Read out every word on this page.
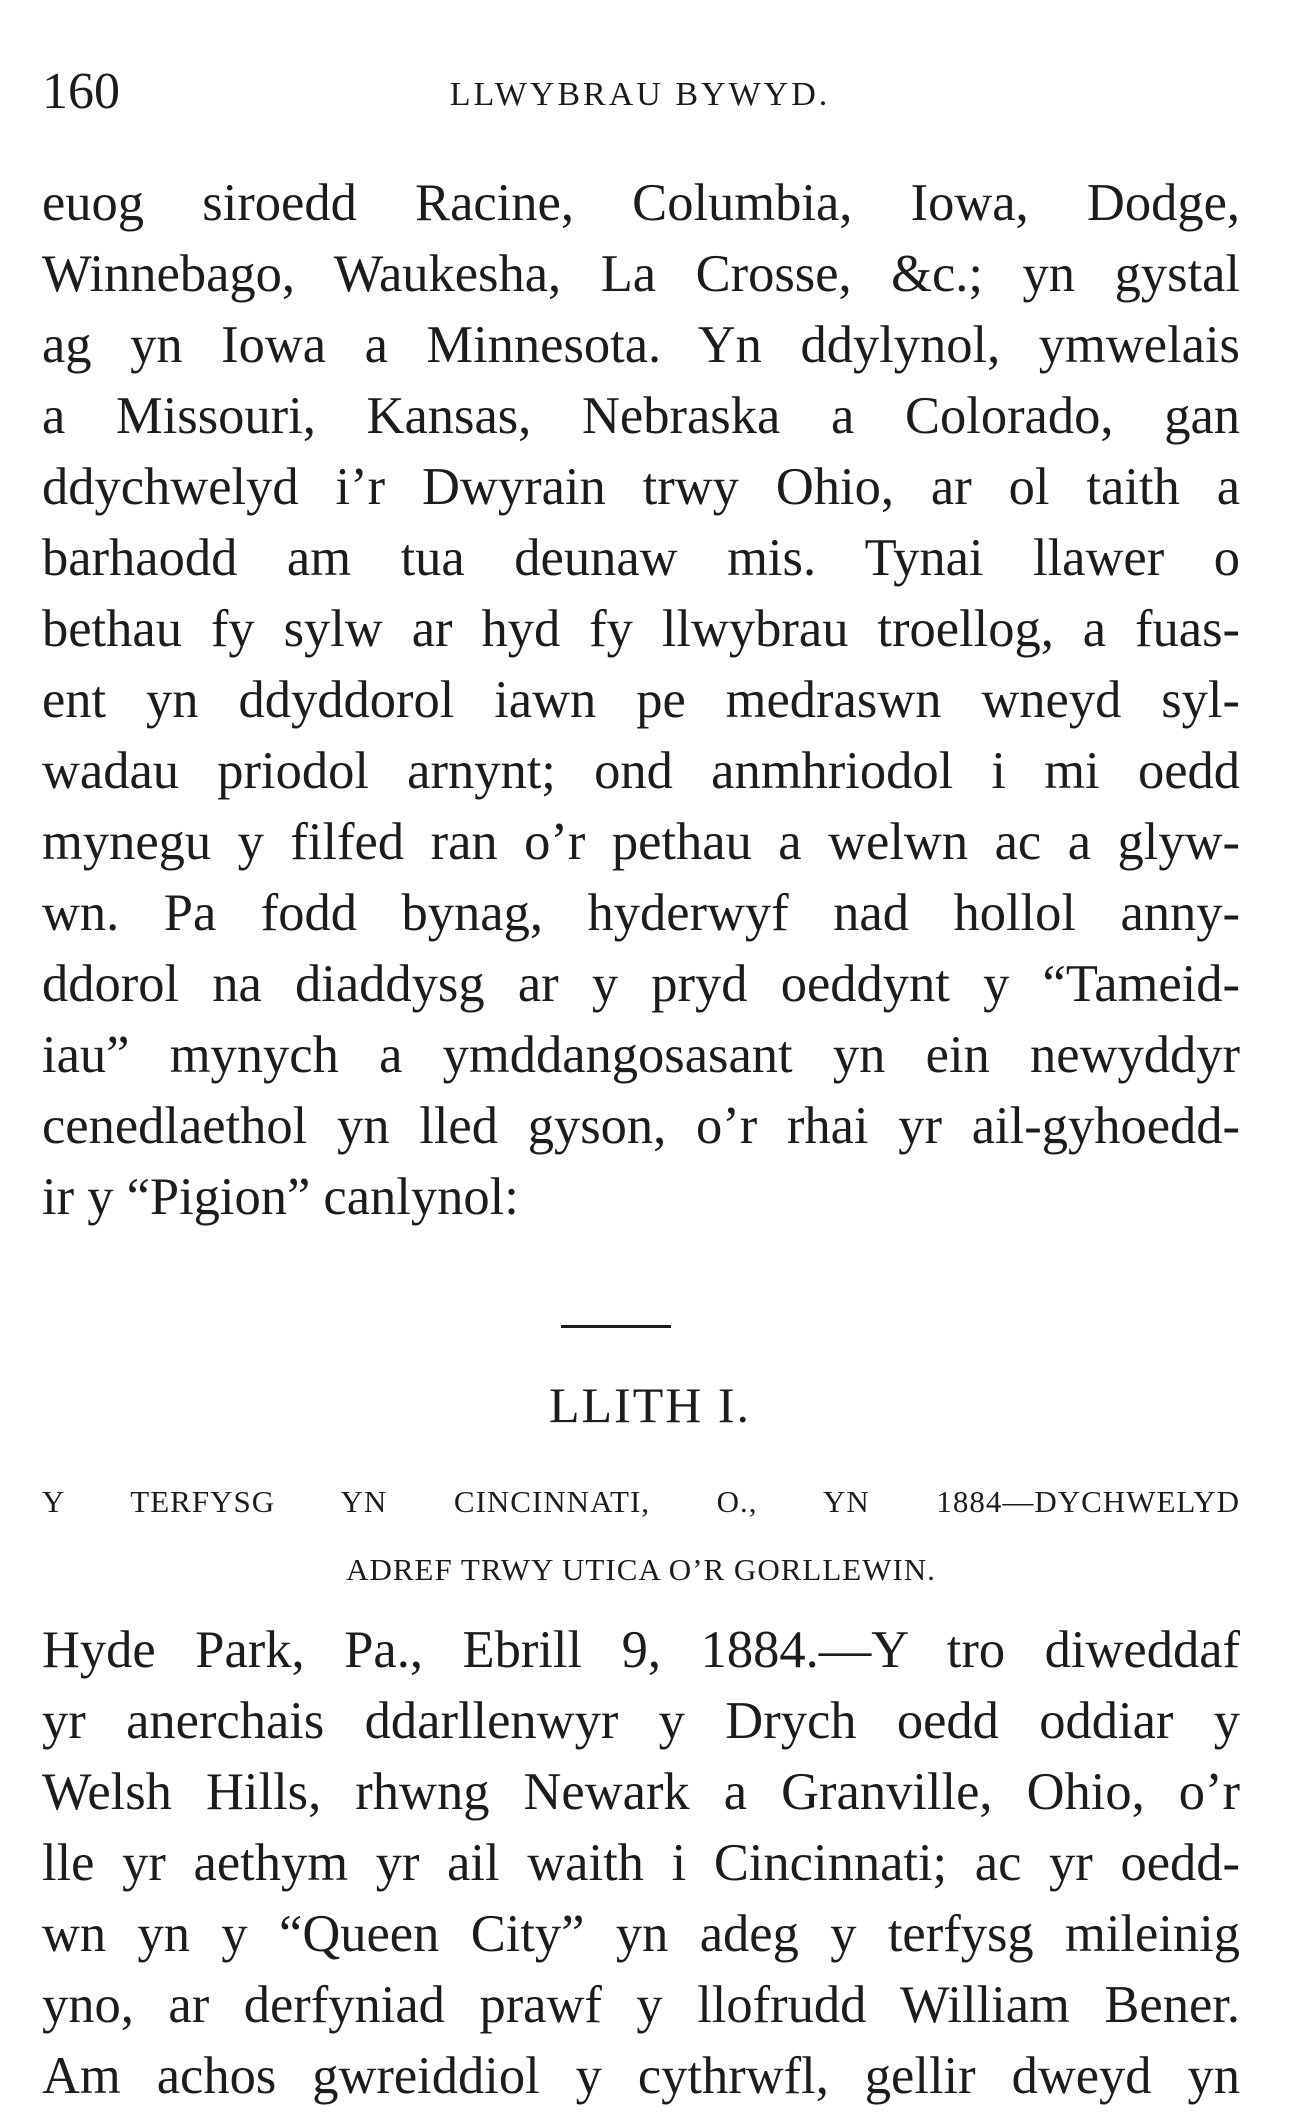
160	LLWYBRAU BYWYD.
euog siroedd Racine, Columbia, Iowa, Dodge,
Winnebago, Waukesha, La Crosse, &c.; yn gystal
ag yn Iowa a Minnesota. Yn ddylynol, ymwelais
a Missouri, Kansas, Nebraska a Colorado, gan
ddychwelyd i’r Dwyrain trwy Ohio, ar ol taith a
barhaodd am tua deunaw mis. Tynai llawer o
bethau fy sylw ar hyd fy llwybrau troellog, a fuas-
ent yn ddyddorol iawn pe medraswn wneyd syl-
wadau priodol arnynt; ond anmhriodol i mi oedd
mynegu y filfed ran o’r pethau a welwn ac a glyw-
wn. Pa fodd bynag, hyderwyf nad hollol anny-
ddorol na diaddysg ar y pryd oeddynt y “Tameid-
iau” mynych a ymddangosasant yn ein newyddyr
cenedlaethol yn lled gyson, o’r rhai yr ail-gyhoedd-
ir y “Pigion” canlynol:
LLITH I.
Y TERFYSG YN CINCINNATI, O., YN 1884—DYCHWELYD
ADREF TRWY UTICA O’R GORLLEWIN.
Hyde Park, Pa., Ebrill 9, 1884.—Y tro diweddaf
yr anerchais ddarllenwyr y Drych oedd oddiar y
Welsh Hills, rhwng Newark a Granville, Ohio, o’r
lle yr aethym yr ail waith i Cincinnati; ac yr oedd-
wn yn y “Queen City” yn adeg y terfysg mileinig
yno, ar derfyniad prawf y llofrudd William Bener.
Am achos gwreiddiol y cythrwfl, gellir dweyd yn
